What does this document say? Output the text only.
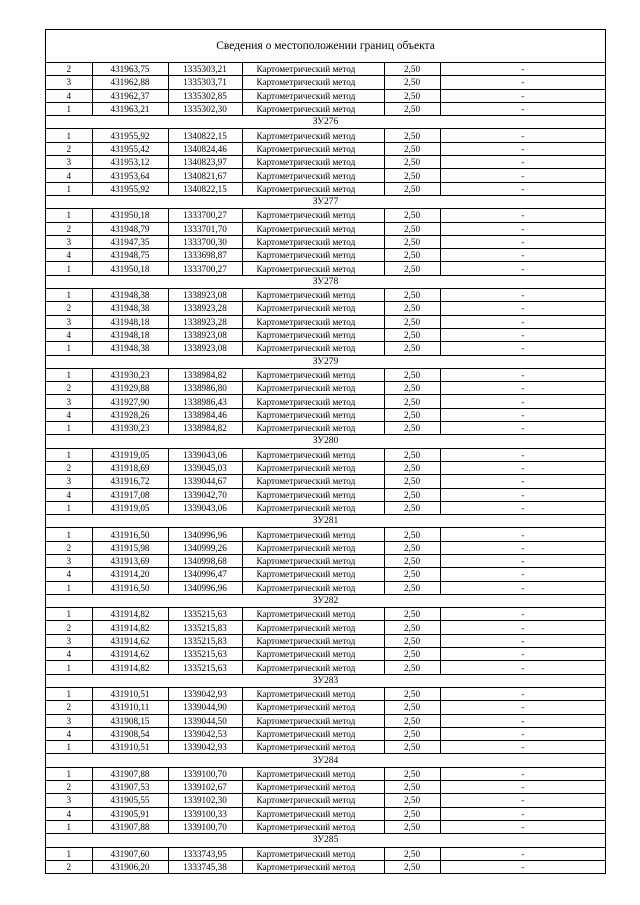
Сведения о местоположении границ объекта
2	431963,75	1335303,21	Картометрический метод	2,50	-
3	431962,88	1335303,71	Картометрический метод	2,50	-
4	431962,37	1335302,85	Картометрический метод	2,50	-
1	431963,21	1335302,30	Картометрический метод	2,50	-
ЗУ276					
1	431955,92	1340822,15	Картометрический метод	2,50	-
2	431955,42	1340824,46	Картометрический метод	2,50	-
3	431953,12	1340823,97	Картометрический метод	2,50	-
4	431953,64	1340821,67	Картометрический метод	2,50	-
1	431955,92	1340822,15	Картометрический метод	2,50	-
ЗУ277					
1	431950,18	1333700,27	Картометрический метод	2,50	-
2	431948,79	1333701,70	Картометрический метод	2,50	-
3	431947,35	1333700,30	Картометрический метод	2,50	-
4	431948,75	1333698,87	Картометрический метод	2,50	-
1	431950,18	1333700,27	Картометрический метод	2,50	-
ЗУ278					
1	431948,38	1338923,08	Картометрический метод	2,50	-
2	431948,38	1338923,28	Картометрический метод	2,50	-
3	431948,18	1338923,28	Картометрический метод	2,50	-
4	431948,18	1338923,08	Картометрический метод	2,50	-
1	431948,38	1338923,08	Картометрический метод	2,50	-
ЗУ279					
1	431930,23	1338984,82	Картометрический метод	2,50	-
2	431929,88	1338986,80	Картометрический метод	2,50	-
3	431927,90	1338986,43	Картометрический метод	2,50	-
4	431928,26	1338984,46	Картометрический метод	2,50	-
1	431930,23	1338984,82	Картометрический метод	2,50	-
ЗУ280					
1	431919,05	1339043,06	Картометрический метод	2,50	-
2	431918,69	1339045,03	Картометрический метод	2,50	-
3	431916,72	1339044,67	Картометрический метод	2,50	-
4	431917,08	1339042,70	Картометрический метод	2,50	-
1	431919,05	1339043,06	Картометрический метод	2,50	-
ЗУ281					
1	431916,50	1340996,96	Картометрический метод	2,50	-
2	431915,98	1340999,26	Картометрический метод	2,50	-
3	431913,69	1340998,68	Картометрический метод	2,50	-
4	431914,20	1340996,47	Картометрический метод	2,50	-
1	431916,50	1340996,96	Картометрический метод	2,50	-
ЗУ282					
1	431914,82	1335215,63	Картометрический метод	2,50	-
2	431914,82	1335215,83	Картометрический метод	2,50	-
3	431914,62	1335215,83	Картометрический метод	2,50	-
4	431914,62	1335215,63	Картометрический метод	2,50	-
1	431914,82	1335215,63	Картометрический метод	2,50	-
ЗУ283					
1	431910,51	1339042,93	Картометрический метод	2,50	-
2	431910,11	1339044,90	Картометрический метод	2,50	-
3	431908,15	1339044,50	Картометрический метод	2,50	-
4	431908,54	1339042,53	Картометрический метод	2,50	-
1	431910,51	1339042,93	Картометрический метод	2,50	-
ЗУ284					
1	431907,88	1339100,70	Картометрический метод	2,50	-
2	431907,53	1339102,67	Картометрический метод	2,50	-
3	431905,55	1339102,30	Картометрический метод	2,50	-
4	431905,91	1339100,33	Картометрический метод	2,50	-
1	431907,88	1339100,70	Картометрический метод	2,50	-
ЗУ285					
1	431907,60	1333743,95	Картометрический метод	2,50	-
2	431906,20	1333745,38	Картометрический метод	2,50	-
